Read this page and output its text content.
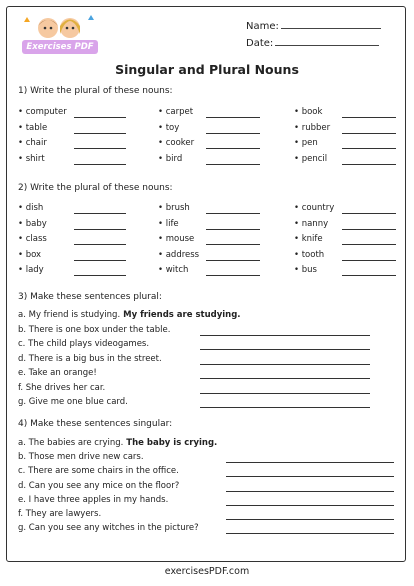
Exercises PDF
Name:
Date:
Singular and Plural Nouns
1) Write the plural of these nouns:
• computer	• carpet	• book
• table	• toy	• rubber
• chair	• cooker	• pen
• shirt	• bird	• pencil
2) Write the plural of these nouns:
• dish	• brush	• country
• baby	• life	• nanny
• class	• mouse	• knife
• box	• address	• tooth
• lady	• witch	• bus
3) Make these sentences plural:
a. My friend is studying. My friends are studying.
b. There is one box under the table.
c. The child plays videogames.
d. There is a big bus in the street.
e. Take an orange!
f. She drives her car.
g. Give me one blue card.
4) Make these sentences singular:
a. The babies are crying. The baby is crying.
b. Those men drive new cars.
c. There are some chairs in the office.
d. Can you see any mice on the floor?
e. I have three apples in my hands.
f. They are lawyers.
g. Can you see any witches in the picture?
exercisesPDF.com
